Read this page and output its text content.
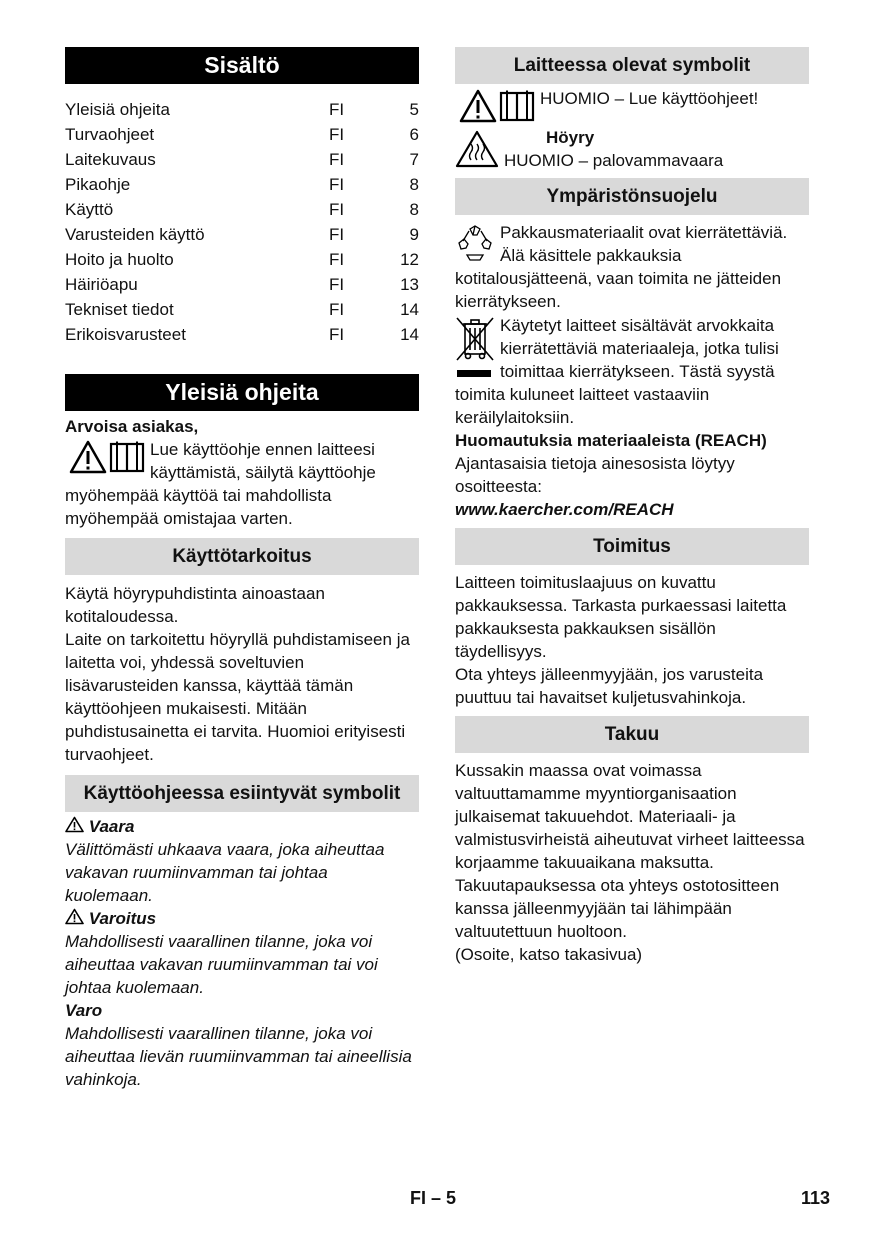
Sisältö
Yleisiä ohjeita	FI	5
Turvaohjeet	FI	6
Laitekuvaus	FI	7
Pikaohje	FI	8
Käyttö	FI	8
Varusteiden käyttö	FI	9
Hoito ja huolto	FI	12
Häiriöapu	FI	13
Tekniset tiedot	FI	14
Erikoisvarusteet	FI	14
Yleisiä ohjeita

Arvoisa asiakas,

Lue käyttöohje ennen laitteesi käyttämistä, säilytä käyttöohje myöhempää käyttöä tai mahdollista myöhempää omistajaa varten.
Käyttötarkoitus

Käytä höyrypuhdistinta ainoastaan kotitaloudessa.

Laite on tarkoitettu höyryllä puhdistamiseen ja laitetta voi, yhdessä soveltuvien lisävarusteiden kanssa, käyttää tämän käyttöohjeen mukaisesti. Mitään puhdistusainetta ei tarvita. Huomioi erityisesti turvaohjeet.

Käyttöohjeessa esiintyvät symbolit

Vaara

Välittömästi uhkaava vaara, joka aiheuttaa vakavan ruumiinvamman tai johtaa kuolemaan.

Varoitus

Mahdollisesti vaarallinen tilanne, joka voi aiheuttaa vakavan ruumiinvamman tai voi johtaa kuolemaan.

Varo

Mahdollisesti vaarallinen tilanne, joka voi aiheuttaa lievän ruumiinvamman tai aineellisia vahinkoja.

Laitteessa olevat symbolit
HUOMIO – Lue käyttöohjeet!

Höyry

HUOMIO – palovammavaara

Ympäristönsuojelu
Pakkausmateriaalit ovat kierrätettäviä. Älä käsittele pakkauksia kotitalousjätteenä, vaan toimita ne jätteiden kierrätykseen.
Käytetyt laitteet sisältävät arvokkaita kierrätettäviä materiaaleja, jotka tulisi toimittaa kierrätykseen. Tästä syystä toimita kuluneet laitteet vastaaviin keräilylaitoksiin.

Huomautuksia materiaaleista (REACH)

Ajantasaisia tietoja ainesosista löytyy osoitteesta:

www.kaercher.com/REACH

Toimitus

Laitteen toimituslaajuus on kuvattu pakkauksessa. Tarkasta purkaessasi laitetta pakkauksesta pakkauksen sisällön täydellisyys.

Ota yhteys jälleenmyyjään, jos varusteita puuttuu tai havaitset kuljetusvahinkoja.

Takuu

Kussakin maassa ovat voimassa valtuuttamamme myyntiorganisaation julkaisemat takuuehdot. Materiaali- ja valmistusvirheistä aiheutuvat virheet laitteessa korjaamme takuuaikana maksutta. Takuutapauksessa ota yhteys ostotositteen kanssa jälleenmyyjään tai lähimpään valtuutettuun huoltoon.

(Osoite, katso takasivua)

FI – 5	113
